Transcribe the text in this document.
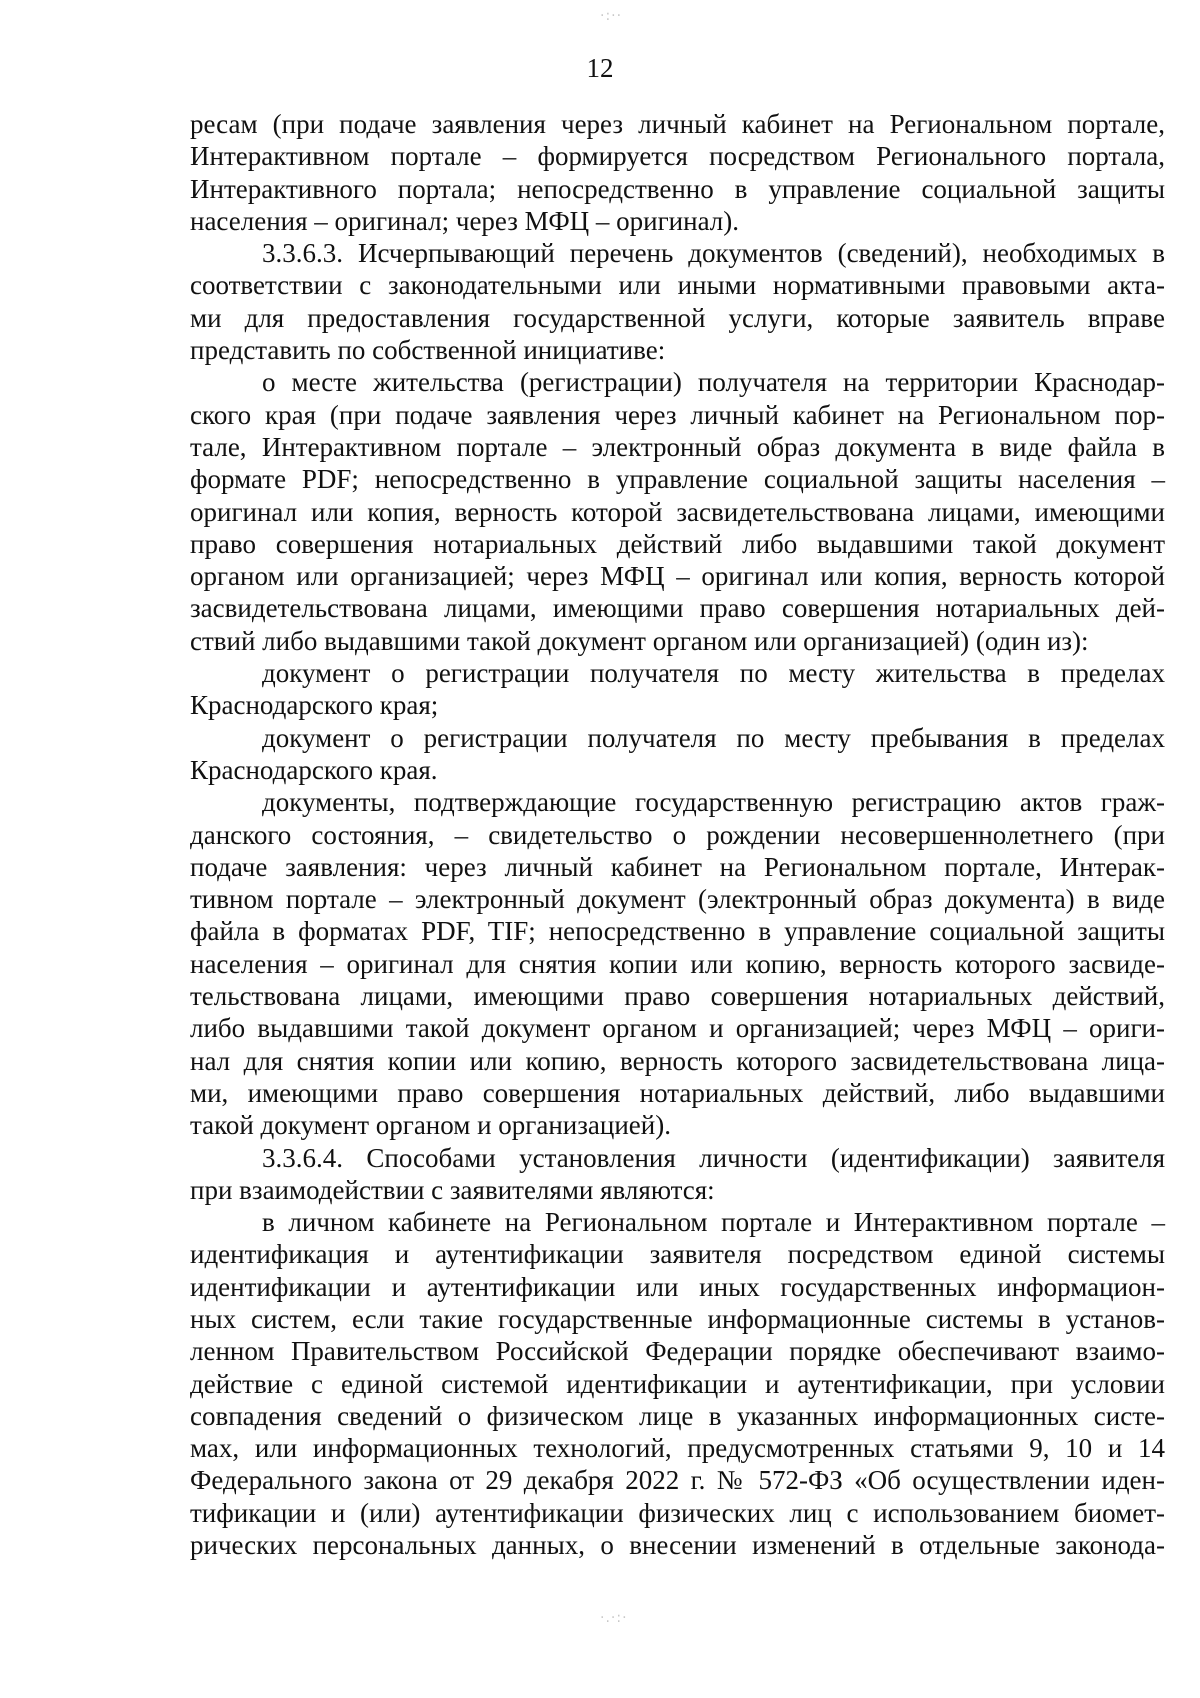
·:··
12
ресам (при подаче заявления через личный кабинет на Региональном портале,
Интерактивном портале – формируется посредством Регионального портала,
Интерактивного портала; непосредственно в управление социальной защиты
населения – оригинал; через МФЦ – оригинал).
3.3.6.3. Исчерпывающий перечень документов (сведений), необходимых в
соответствии с законодательными или иными нормативными правовыми акта-
ми для предоставления государственной услуги, которые заявитель вправе
представить по собственной инициативе:
о месте жительства (регистрации) получателя на территории Краснодар-
ского края (при подаче заявления через личный кабинет на Региональном пор-
тале, Интерактивном портале – электронный образ документа в виде файла в
формате PDF; непосредственно в управление социальной защиты населения –
оригинал или копия, верность которой засвидетельствована лицами, имеющими
право совершения нотариальных действий либо выдавшими такой документ
органом или организацией; через МФЦ – оригинал или копия, верность которой
засвидетельствована лицами, имеющими право совершения нотариальных дей-
ствий либо выдавшими такой документ органом или организацией) (один из):
документ о регистрации получателя по месту жительства в пределах
Краснодарского края;
документ о регистрации получателя по месту пребывания в пределах
Краснодарского края.
документы, подтверждающие государственную регистрацию актов граж-
данского состояния, – свидетельство о рождении несовершеннолетнего (при
подаче заявления: через личный кабинет на Региональном портале, Интерак-
тивном портале – электронный документ (электронный образ документа) в виде
файла в форматах PDF, TIF; непосредственно в управление социальной защиты
населения – оригинал для снятия копии или копию, верность которого засвиде-
тельствована лицами, имеющими право совершения нотариальных действий,
либо выдавшими такой документ органом и организацией; через МФЦ – ориги-
нал для снятия копии или копию, верность которого засвидетельствована лица-
ми, имеющими право совершения нотариальных действий, либо выдавшими
такой документ органом и организацией).
3.3.6.4. Способами установления личности (идентификации) заявителя
при взаимодействии с заявителями являются:
в личном кабинете на Региональном портале и Интерактивном портале –
идентификация и аутентификации заявителя посредством единой системы
идентификации и аутентификации или иных государственных информацион-
ных систем, если такие государственные информационные системы в установ-
ленном Правительством Российской Федерации порядке обеспечивают взаимо-
действие с единой системой идентификации и аутентификации, при условии
совпадения сведений о физическом лице в указанных информационных систе-
мах, или информационных технологий, предусмотренных статьями 9, 10 и 14
Федерального закона от 29 декабря 2022 г. № 572-ФЗ «Об осуществлении иден-
тификации и (или) аутентификации физических лиц с использованием биомет-
рических персональных данных, о внесении изменений в отдельные законода-
·.·:·
